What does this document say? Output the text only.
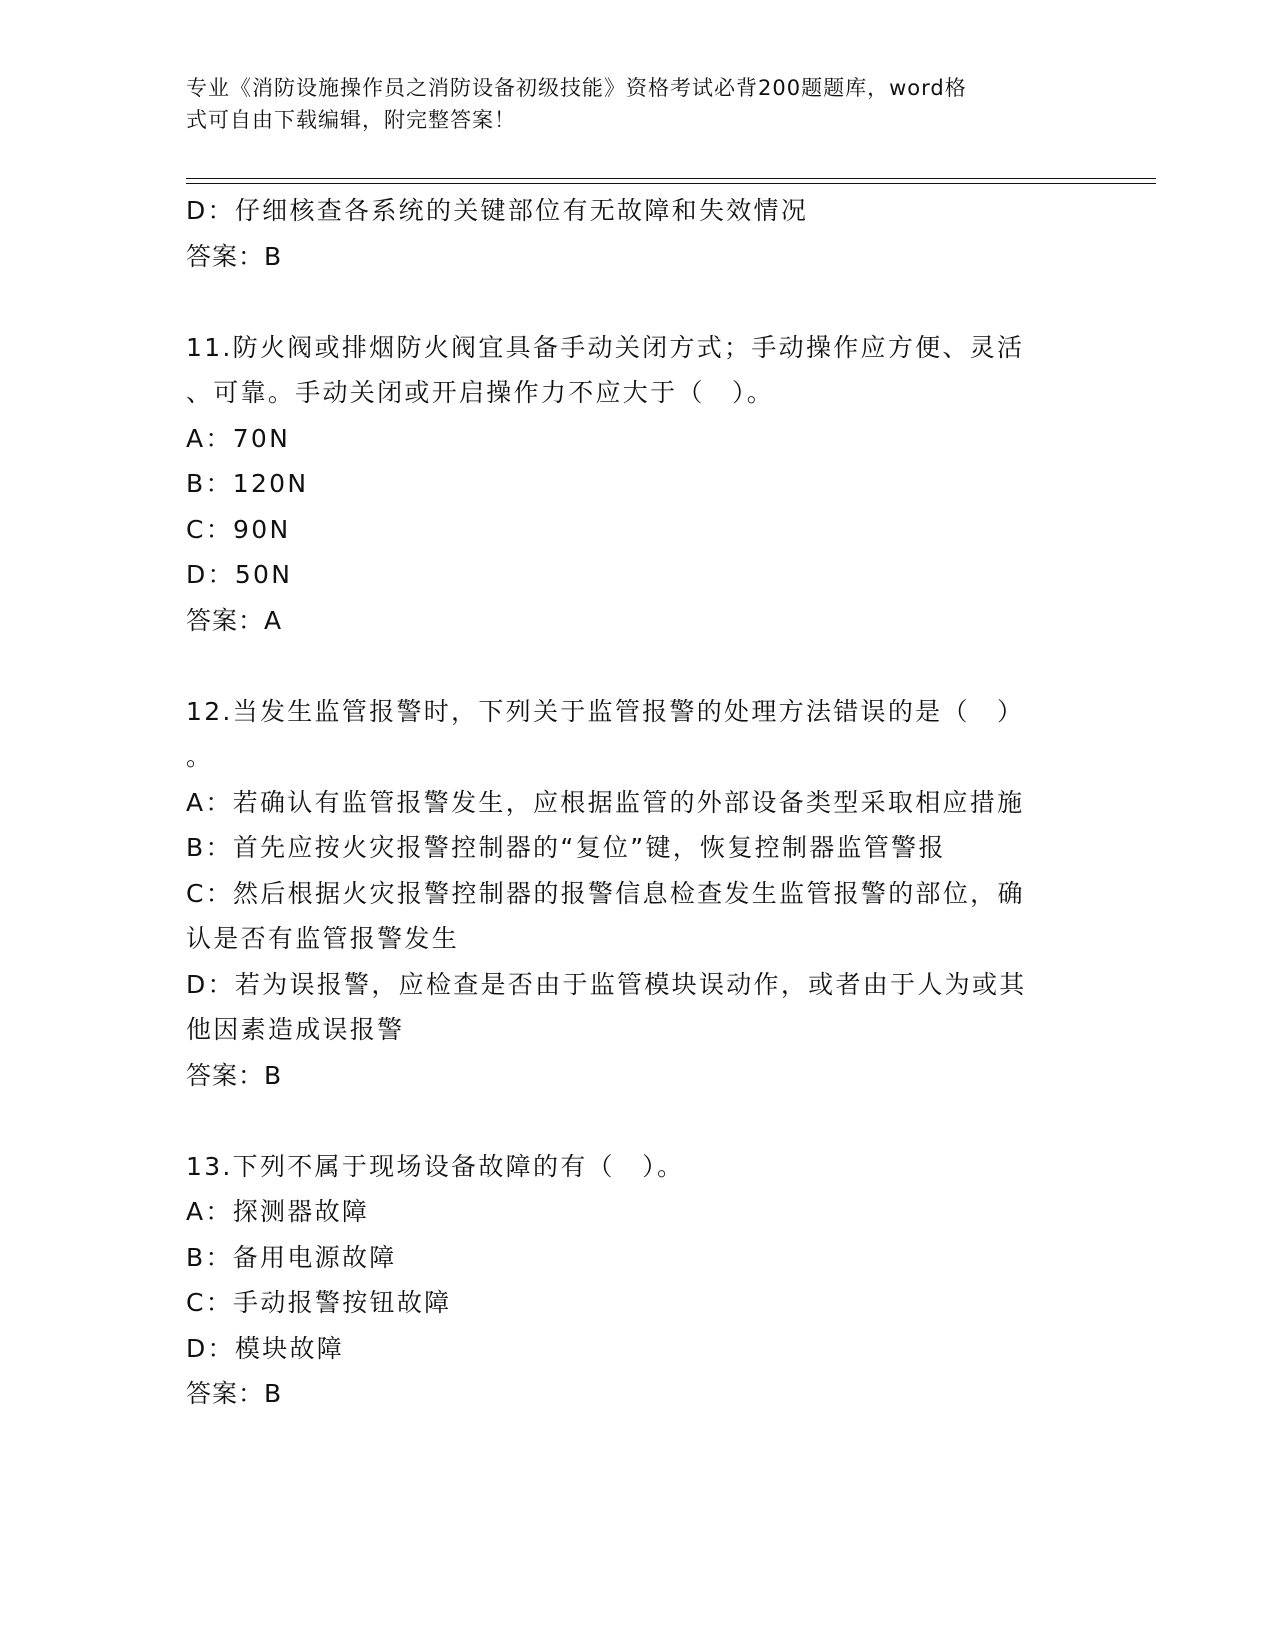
专业《消防设施操作员之消防设备初级技能》资格考试必背200题题库，word格
式可自由下载编辑，附完整答案！
D：仔细核查各系统的关键部位有无故障和失效情况
答案：B
11.防火阀或排烟防火阀宜具备手动关闭方式；手动操作应方便、灵活
、可靠。手动关闭或开启操作力不应大于（　）。
A：70N
B：120N
C：90N
D：50N
答案：A
12.当发生监管报警时，下列关于监管报警的处理方法错误的是（　）
。
A：若确认有监管报警发生，应根据监管的外部设备类型采取相应措施
B：首先应按火灾报警控制器的“复位”键，恢复控制器监管警报
C：然后根据火灾报警控制器的报警信息检查发生监管报警的部位，确
认是否有监管报警发生
D：若为误报警，应检查是否由于监管模块误动作，或者由于人为或其
他因素造成误报警
答案：B
13.下列不属于现场设备故障的有（　）。
A：探测器故障
B：备用电源故障
C：手动报警按钮故障
D：模块故障
答案：B
